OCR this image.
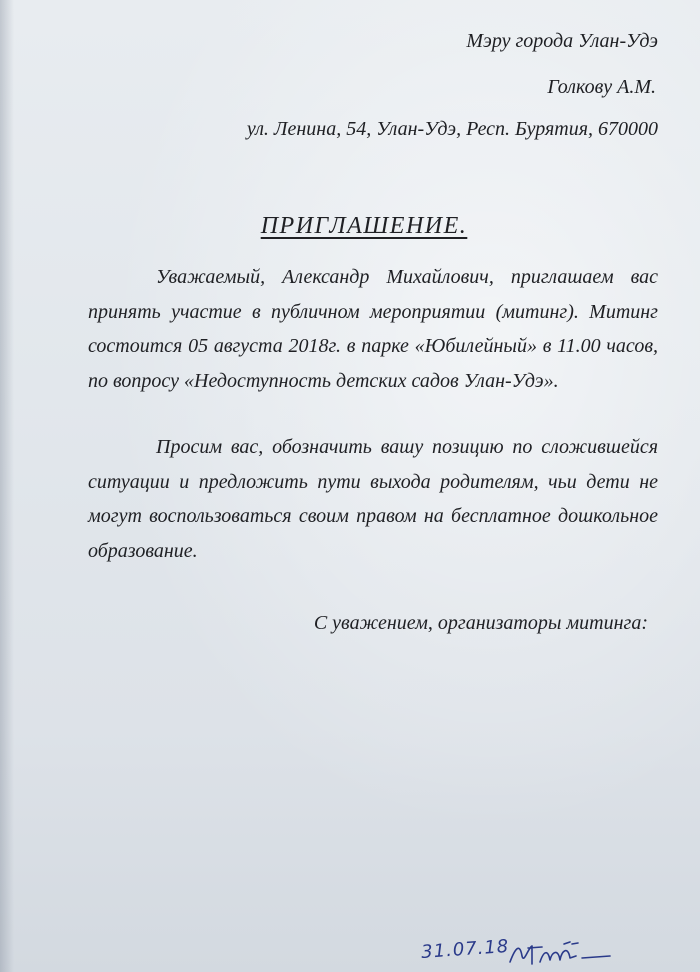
Мэру города Улан-Удэ
Голкову А.М.
ул. Ленина, 54, Улан-Удэ, Респ. Бурятия, 670000
ПРИГЛАШЕНИЕ.
Уважаемый, Александр Михайлович, приглашаем вас принять участие в публичном мероприятии (митинг). Митинг состоится 05 августа 2018г. в парке «Юбилейный» в 11.00 часов, по вопросу «Недоступность детских садов Улан-Удэ».
Просим вас, обозначить вашу позицию по сложившейся ситуации и предложить пути выхода родителям, чьи дети не могут воспользоваться своим правом на бесплатное дошкольное образование.
С уважением, организаторы митинга:
31.07.18
